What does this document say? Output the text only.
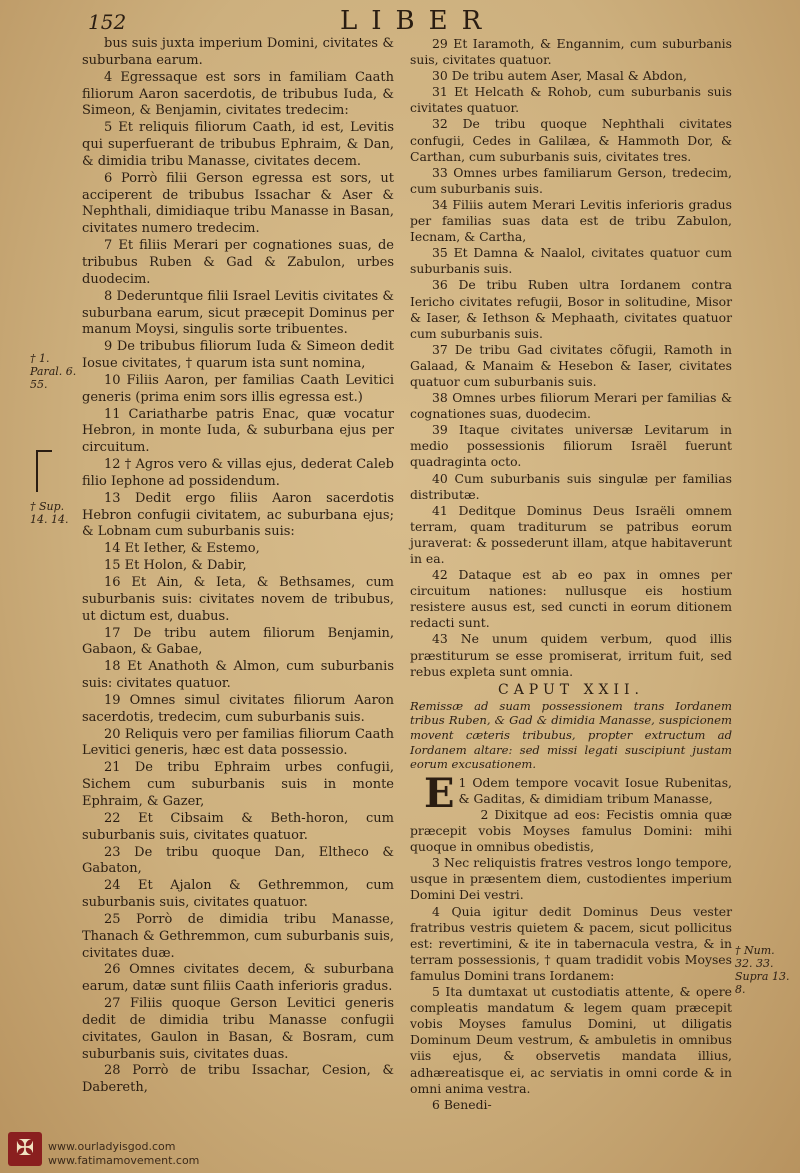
152	LIBER

bus suis juxta imperium Domini, civitates & suburbana earum.

4 Egressaque est sors in familiam Caath filiorum Aaron sacerdotis, de tribubus Iuda, & Simeon, & Benjamin, civitates tredecim:

5 Et reliquis filiorum Caath, id est, Levitis qui superfuerant de tribubus Ephraim, & Dan, & dimidia tribu Manasse, civitates decem.

6 Porrò filii Gerson egressa est sors, ut acciperent de tribubus Issachar & Aser & Nephthali, dimidiaque tribu Manasse in Basan, civitates numero tredecim.

7 Et filiis Merari per cognationes suas, de tribubus Ruben & Gad & Zabulon, urbes duodecim.

8 Dederuntque filii Israel Levitis civitates & suburbana earum, sicut præcepit Dominus per manum Moysi, singulis sorte tribuentes.

9 De tribubus filiorum Iuda & Simeon dedit Iosue civitates, † quarum ista sunt nomina,

10 Filiis Aaron, per familias Caath Levitici generis (prima enim sors illis egressa est.)

11 Cariatharbe patris Enac, quæ vocatur Hebron, in monte Iuda, & suburbana ejus per circuitum.

12 † Agros vero & villas ejus, dederat Caleb filio Iephone ad possidendum.

13 Dedit ergo filiis Aaron sacerdotis Hebron confugii civitatem, ac suburbana ejus; & Lobnam cum suburbanis suis:

14 Et Iether, & Estemo,

15 Et Holon, & Dabir,

16 Et Ain, & Ieta, & Bethsames, cum suburbanis suis: civitates novem de tribubus, ut dictum est, duabus.

17 De tribu autem filiorum Benjamin, Gabaon, & Gabae,

18 Et Anathoth & Almon, cum suburbanis suis: civitates quatuor.

19 Omnes simul civitates filiorum Aaron sacerdotis, tredecim, cum suburbanis suis.

20 Reliquis vero per familias filiorum Caath Levitici generis, hæc est data possessio.

21 De tribu Ephraim urbes confugii, Sichem cum suburbanis suis in monte Ephraim, & Gazer,

22 Et Cibsaim & Beth-horon, cum suburbanis suis, civitates quatuor.

23 De tribu quoque Dan, Eltheco & Gabaton,

24 Et Ajalon & Gethremmon, cum suburbanis suis, civitates quatuor.

25 Porrò de dimidia tribu Manasse, Thanach & Gethremmon, cum suburbanis suis, civitates duæ.

26 Omnes civitates decem, & suburbana earum, datæ sunt filiis Caath inferioris gradus.

27 Filiis quoque Gerson Levitici generis dedit de dimidia tribu Manasse confugii civitates, Gaulon in Basan, & Bosram, cum suburbanis suis, civitates duas.

28 Porrò de tribu Issachar, Cesion, & Dabereth,

29 Et Iaramoth, & Engannim, cum suburbanis suis, civitates quatuor.

30 De tribu autem Aser, Masal & Abdon,

31 Et Helcath & Rohob, cum suburbanis suis civitates quatuor.

32 De tribu quoque Nephthali civitates confugii, Cedes in Galilæa, & Hammoth Dor, & Carthan, cum suburbanis suis, civitates tres.

33 Omnes urbes familiarum Gerson, tredecim, cum suburbanis suis.

34 Filiis autem Merari Levitis inferioris gradus per familias suas data est de tribu Zabulon, Iecnam, & Cartha,

35 Et Damna & Naalol, civitates quatuor cum suburbanis suis.

36 De tribu Ruben ultra Iordanem contra Iericho civitates refugii, Bosor in solitudine, Misor & Iaser, & Iethson & Mephaath, civitates quatuor cum suburbanis suis.

37 De tribu Gad civitates cõfugii, Ramoth in Galaad, & Manaim & Hesebon & Iaser, civitates quatuor cum suburbanis suis.

38 Omnes urbes filiorum Merari per familias & cognationes suas, duodecim.

39 Itaque civitates universæ Levitarum in medio possessionis filiorum Israël fuerunt quadraginta octo.

40 Cum suburbanis suis singulæ per familias distributæ.

41 Deditque Dominus Deus Israëli omnem terram, quam traditurum se patribus eorum juraverat: & possederunt illam, atque habitaverunt in ea.

42 Dataque est ab eo pax in omnes per circuitum nationes: nullusque eis hostium resistere ausus est, sed cuncti in eorum ditionem redacti sunt.

43 Ne unum quidem verbum, quod illis præstiturum se esse promiserat, irritum fuit, sed rebus expleta sunt omnia.

CAPUT XXII.
Remissæ ad suam possessionem trans Iordanem tribus Ruben, & Gad & dimidia Manasse, suspicionem movent cæteris tribubus, propter extructum ad Iordanem altare: sed missi legati suscipiunt justam eorum excusationem.

E 1 Odem tempore vocavit Iosue Rubenitas, & Gaditas, & dimidiam tribum Manasse,

2 Dixitque ad eos: Fecistis omnia quæ præcepit vobis Moyses famulus Domini: mihi quoque in omnibus obedistis,

3 Nec reliquistis fratres vestros longo tempore, usque in præsentem diem, custodientes imperium Domini Dei vestri.

4 Quia igitur dedit Dominus Deus vester fratribus vestris quietem & pacem, sicut pollicitus est: revertimini, & ite in tabernacula vestra, & in terram possessionis, † quam tradidit vobis Moyses famulus Domini trans Iordanem:

5 Ita dumtaxat ut custodiatis attente, & opere compleatis mandatum & legem quam præcepit vobis Moyses famulus Domini, ut diligatis Dominum Deum vestrum, & ambuletis in omnibus viis ejus, & observetis mandata illius, adhæreatisque ei, ac serviatis in omni corde & in omni anima vestra.

6 Benedi-

† 1. Paral. 6. 55.
† Sup. 14. 14.
† Num. 32. 33. Supra 13. 8.
✠	www.ourladyisgod.com
www.fatimamovement.com
